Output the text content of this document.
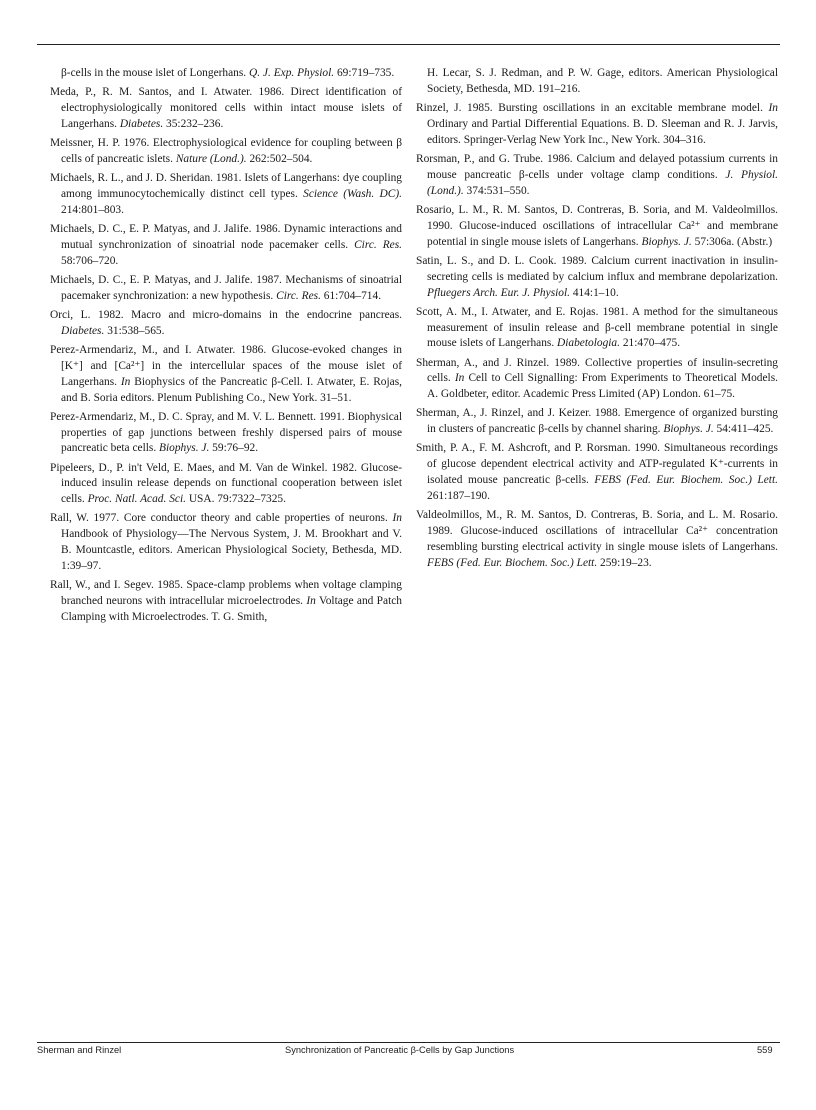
β-cells in the mouse islet of Longerhans. Q. J. Exp. Physiol. 69:719–735.

Meda, P., R. M. Santos, and I. Atwater. 1986. Direct identification of electrophysiologically monitored cells within intact mouse islets of Langerhans. Diabetes. 35:232–236.

Meissner, H. P. 1976. Electrophysiological evidence for coupling between β cells of pancreatic islets. Nature (Lond.). 262:502–504.

Michaels, R. L., and J. D. Sheridan. 1981. Islets of Langerhans: dye coupling among immunocytochemically distinct cell types. Science (Wash. DC). 214:801–803.

Michaels, D. C., E. P. Matyas, and J. Jalife. 1986. Dynamic interactions and mutual synchronization of sinoatrial node pacemaker cells. Circ. Res. 58:706–720.

Michaels, D. C., E. P. Matyas, and J. Jalife. 1987. Mechanisms of sinoatrial pacemaker synchronization: a new hypothesis. Circ. Res. 61:704–714.

Orci, L. 1982. Macro and micro-domains in the endocrine pancreas. Diabetes. 31:538–565.

Perez-Armendariz, M., and I. Atwater. 1986. Glucose-evoked changes in [K⁺] and [Ca²⁺] in the intercellular spaces of the mouse islet of Langerhans. In Biophysics of the Pancreatic β-Cell. I. Atwater, E. Rojas, and B. Soria editors. Plenum Publishing Co., New York. 31–51.

Perez-Armendariz, M., D. C. Spray, and M. V. L. Bennett. 1991. Biophysical properties of gap junctions between freshly dispersed pairs of mouse pancreatic beta cells. Biophys. J. 59:76–92.

Pipeleers, D., P. in't Veld, E. Maes, and M. Van de Winkel. 1982. Glucose-induced insulin release depends on functional cooperation between islet cells. Proc. Natl. Acad. Sci. USA. 79:7322–7325.

Rall, W. 1977. Core conductor theory and cable properties of neurons. In Handbook of Physiology—The Nervous System, J. M. Brookhart and V. B. Mountcastle, editors. American Physiological Society, Bethesda, MD. 1:39–97.

Rall, W., and I. Segev. 1985. Space-clamp problems when voltage clamping branched neurons with intracellular microelectrodes. In Voltage and Patch Clamping with Microelectrodes. T. G. Smith,

H. Lecar, S. J. Redman, and P. W. Gage, editors. American Physiological Society, Bethesda, MD. 191–216.

Rinzel, J. 1985. Bursting oscillations in an excitable membrane model. In Ordinary and Partial Differential Equations. B. D. Sleeman and R. J. Jarvis, editors. Springer-Verlag New York Inc., New York. 304–316.

Rorsman, P., and G. Trube. 1986. Calcium and delayed potassium currents in mouse pancreatic β-cells under voltage clamp conditions. J. Physiol. (Lond.). 374:531–550.

Rosario, L. M., R. M. Santos, D. Contreras, B. Soria, and M. Valdeolmillos. 1990. Glucose-induced oscillations of intracellular Ca²⁺ and membrane potential in single mouse islets of Langerhans. Biophys. J. 57:306a. (Abstr.)

Satin, L. S., and D. L. Cook. 1989. Calcium current inactivation in insulin-secreting cells is mediated by calcium influx and membrane depolarization. Pfluegers Arch. Eur. J. Physiol. 414:1–10.

Scott, A. M., I. Atwater, and E. Rojas. 1981. A method for the simultaneous measurement of insulin release and β-cell membrane potential in single mouse islets of Langerhans. Diabetologia. 21:470–475.

Sherman, A., and J. Rinzel. 1989. Collective properties of insulin-secreting cells. In Cell to Cell Signalling: From Experiments to Theoretical Models. A. Goldbeter, editor. Academic Press Limited (AP) London. 61–75.

Sherman, A., J. Rinzel, and J. Keizer. 1988. Emergence of organized bursting in clusters of pancreatic β-cells by channel sharing. Biophys. J. 54:411–425.

Smith, P. A., F. M. Ashcroft, and P. Rorsman. 1990. Simultaneous recordings of glucose dependent electrical activity and ATP-regulated K⁺-currents in isolated mouse pancreatic β-cells. FEBS (Fed. Eur. Biochem. Soc.) Lett. 261:187–190.

Valdeolmillos, M., R. M. Santos, D. Contreras, B. Soria, and L. M. Rosario. 1989. Glucose-induced oscillations of intracellular Ca²⁺ concentration resembling bursting electrical activity in single mouse islets of Langerhans. FEBS (Fed. Eur. Biochem. Soc.) Lett. 259:19–23.

Sherman and Rinzel	Synchronization of Pancreatic β-Cells by Gap Junctions	559
